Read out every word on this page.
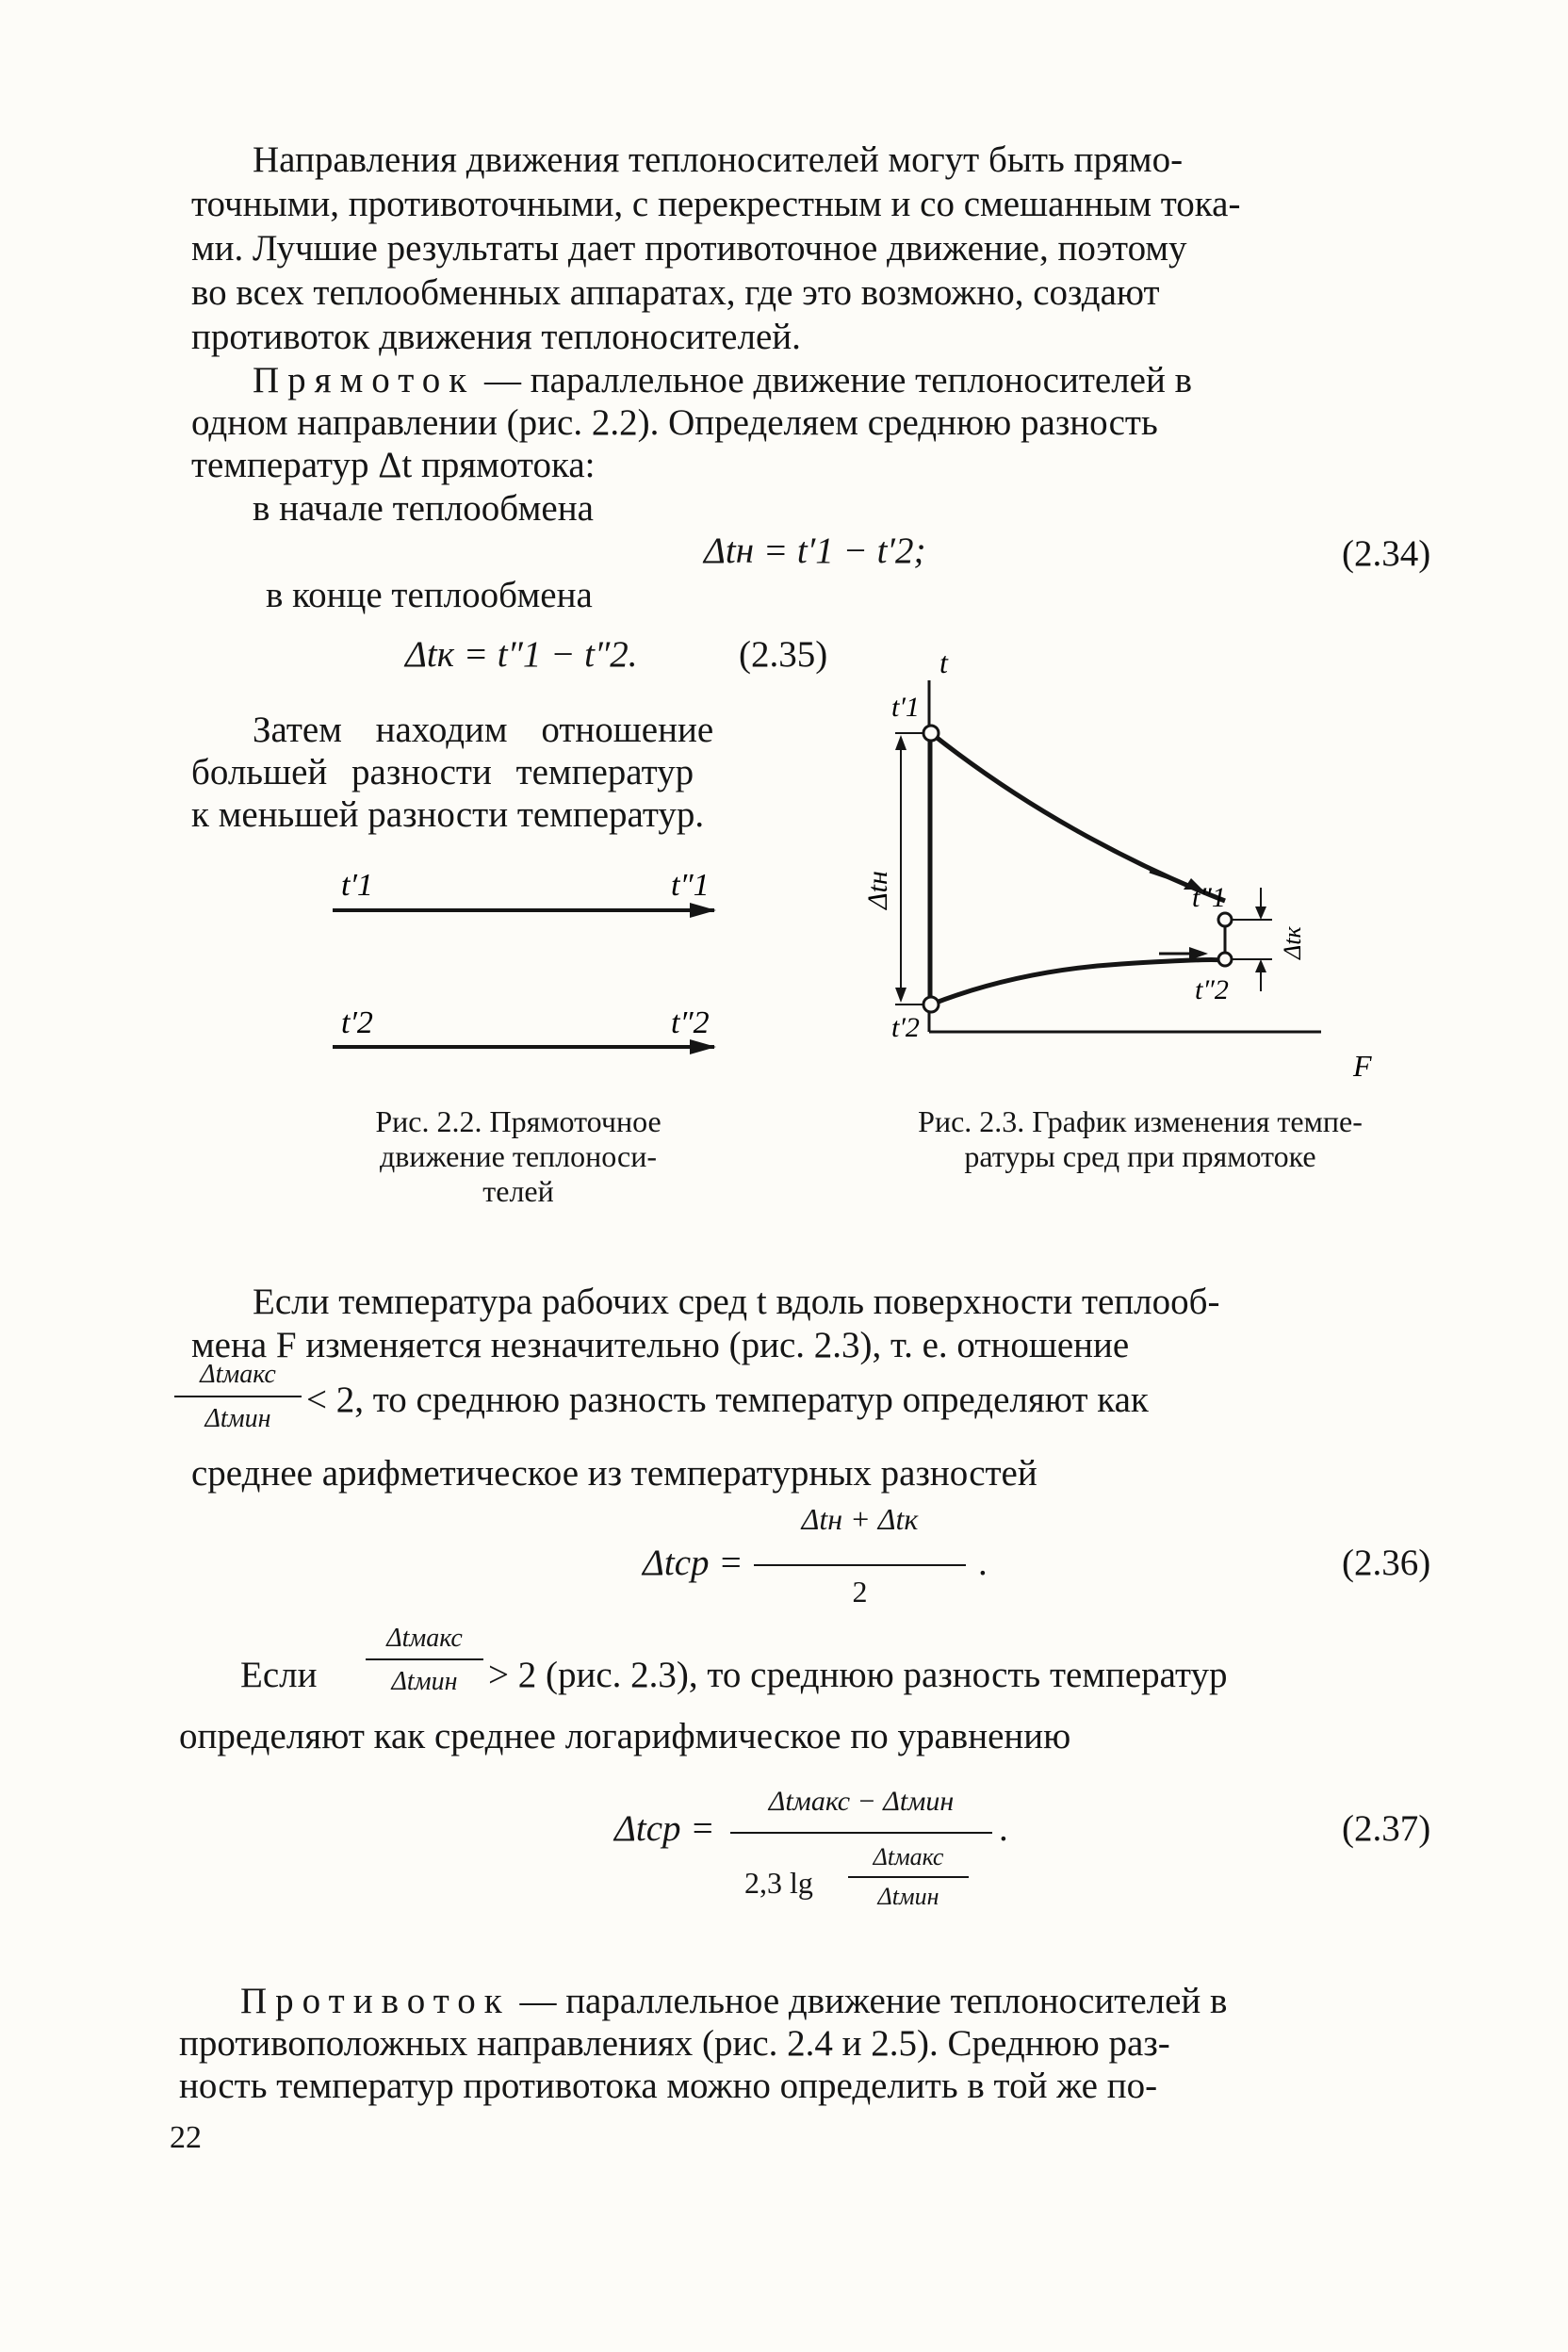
Направления движения теплоносителей могут быть прямо-
точными, противоточными, с перекрестным и со смешанным тока-
ми. Лучшие результаты дает противоточное движение, поэтому
во всех теплообменных аппаратах, где это возможно, создают
противоток движения теплоносителей.
Прямоток — параллельное движение теплоносителей в
одном направлении (рис. 2.2). Определяем среднюю разность
температур Δt прямотока:
в начале теплообмена
Δtн = t′1 − t′2;	(2.34)
в конце теплообмена
Δtк = t″1 − t″2.	(2.35)
Затем находим отношение
большей разности температур
к меньшей разности температур.
t′1	t″1
t′2	t″2
Рис. 2.2. Прямоточное
движение теплоноси-
телей
t
F
t′1
t′2
t″1
t″2
Δtн
Δtк
Рис. 2.3. График изменения темпе-
ратуры сред при прямотоке
Если температура рабочих сред t вдоль поверхности теплооб-
мена F изменяется незначительно (рис. 2.3), т. е. отношение
Δtмакс
Δtмин < 2, то среднюю разность температур определяют как
среднее арифметическое из температурных разностей
Δtср =
Δtн + Δtк
2
.	(2.36)
Если
Δtмакс
Δtмин > 2 (рис. 2.3), то среднюю разность температур
определяют как среднее логарифмическое по уравнению
Δtср =
Δtмакс − Δtмин
2,3 lg
Δtмакс
Δtмин
.	(2.37)
Противоток — параллельное движение теплоносителей в
противоположных направлениях (рис. 2.4 и 2.5). Среднюю раз-
ность температур противотока можно определить в той же по-
22
